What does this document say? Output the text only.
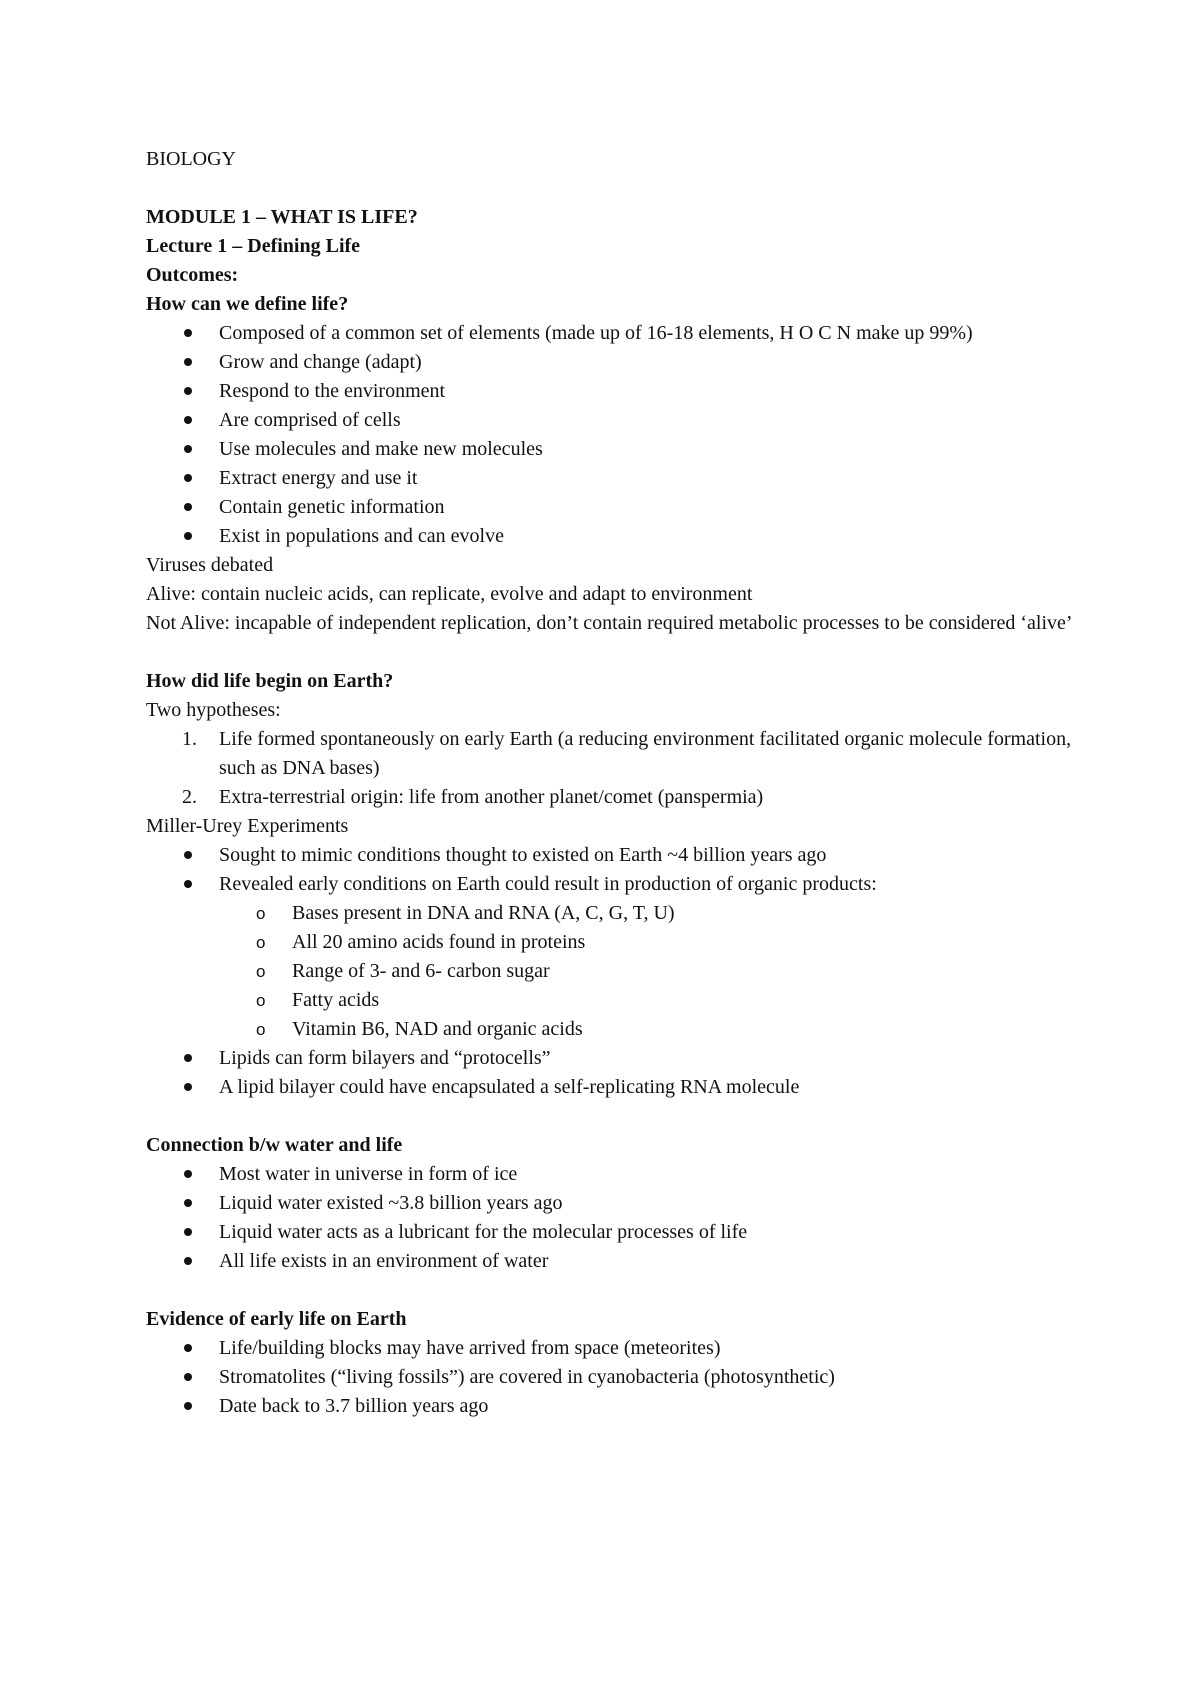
BIOLOGY

MODULE 1 – WHAT IS LIFE?

Lecture 1 – Defining Life

Outcomes:

How can we define life?

Composed of a common set of elements (made up of 16-18 elements, H O C N make up 99%)
Grow and change (adapt)
Respond to the environment
Are comprised of cells
Use molecules and make new molecules
Extract energy and use it
Contain genetic information
Exist in populations and can evolve

Viruses debated

Alive: contain nucleic acids, can replicate, evolve and adapt to environment

Not Alive: incapable of independent replication, don’t contain required metabolic processes to be considered ‘alive’

How did life begin on Earth?

Two hypotheses:

1.	Life formed spontaneously on early Earth (a reducing environment facilitated organic molecule formation, such as DNA bases)
2.	Extra-terrestrial origin: life from another planet/comet (panspermia)

Miller-Urey Experiments

Sought to mimic conditions thought to existed on Earth ~4 billion years ago
Revealed early conditions on Earth could result in production of organic products:
o Bases present in DNA and RNA (A, C, G, T, U)
o All 20 amino acids found in proteins
o Range of 3- and 6- carbon sugar
o Fatty acids
o Vitamin B6, NAD and organic acids
Lipids can form bilayers and “protocells”
A lipid bilayer could have encapsulated a self-replicating RNA molecule

Connection b/w water and life

Most water in universe in form of ice
Liquid water existed ~3.8 billion years ago
Liquid water acts as a lubricant for the molecular processes of life
All life exists in an environment of water

Evidence of early life on Earth

Life/building blocks may have arrived from space (meteorites)
Stromatolites (“living fossils”) are covered in cyanobacteria (photosynthetic)
Date back to 3.7 billion years ago
